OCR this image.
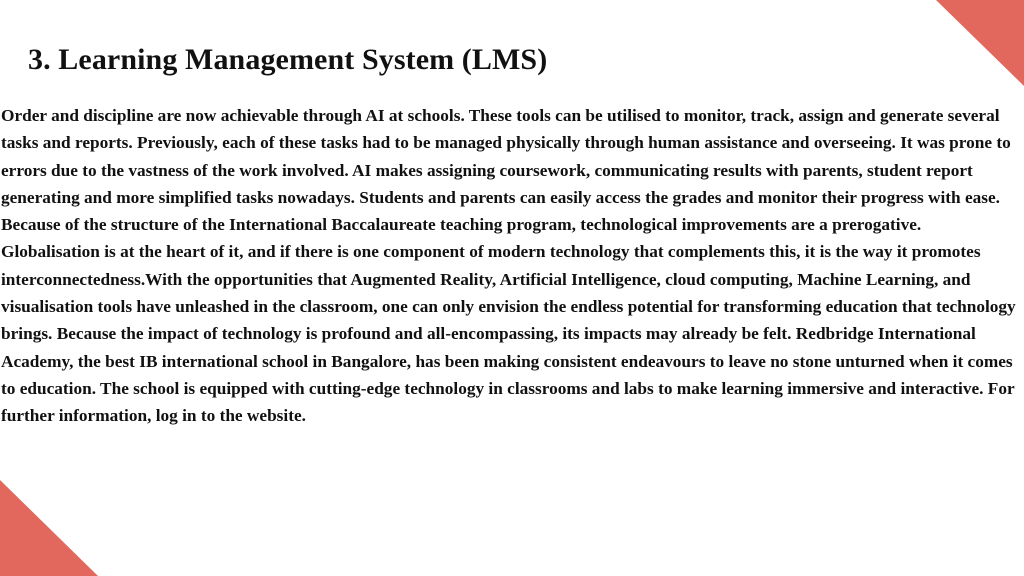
3. Learning Management System (LMS)

Order and discipline are now achievable through AI at schools. These tools can be utilised to monitor, track, assign and generate several tasks and reports. Previously, each of these tasks had to be managed physically through human assistance and overseeing. It was prone to errors due to the vastness of the work involved. AI makes assigning coursework, communicating results with parents, student report generating and more simplified tasks nowadays. Students and parents can easily access the grades and monitor their progress with ease.

Because of the structure of the International Baccalaureate teaching program, technological improvements are a prerogative. Globalisation is at the heart of it, and if there is one component of modern technology that complements this, it is the way it promotes interconnectedness.With the opportunities that Augmented Reality, Artificial Intelligence, cloud computing, Machine Learning, and visualisation tools have unleashed in the classroom, one can only envision the endless potential for transforming education that technology brings. Because the impact of technology is profound and all-encompassing, its impacts may already be felt. Redbridge International Academy, the best IB international school in Bangalore, has been making consistent endeavours to leave no stone unturned when it comes to education. The school is equipped with cutting-edge technology in classrooms and labs to make learning immersive and interactive. For further information, log in to the website.
